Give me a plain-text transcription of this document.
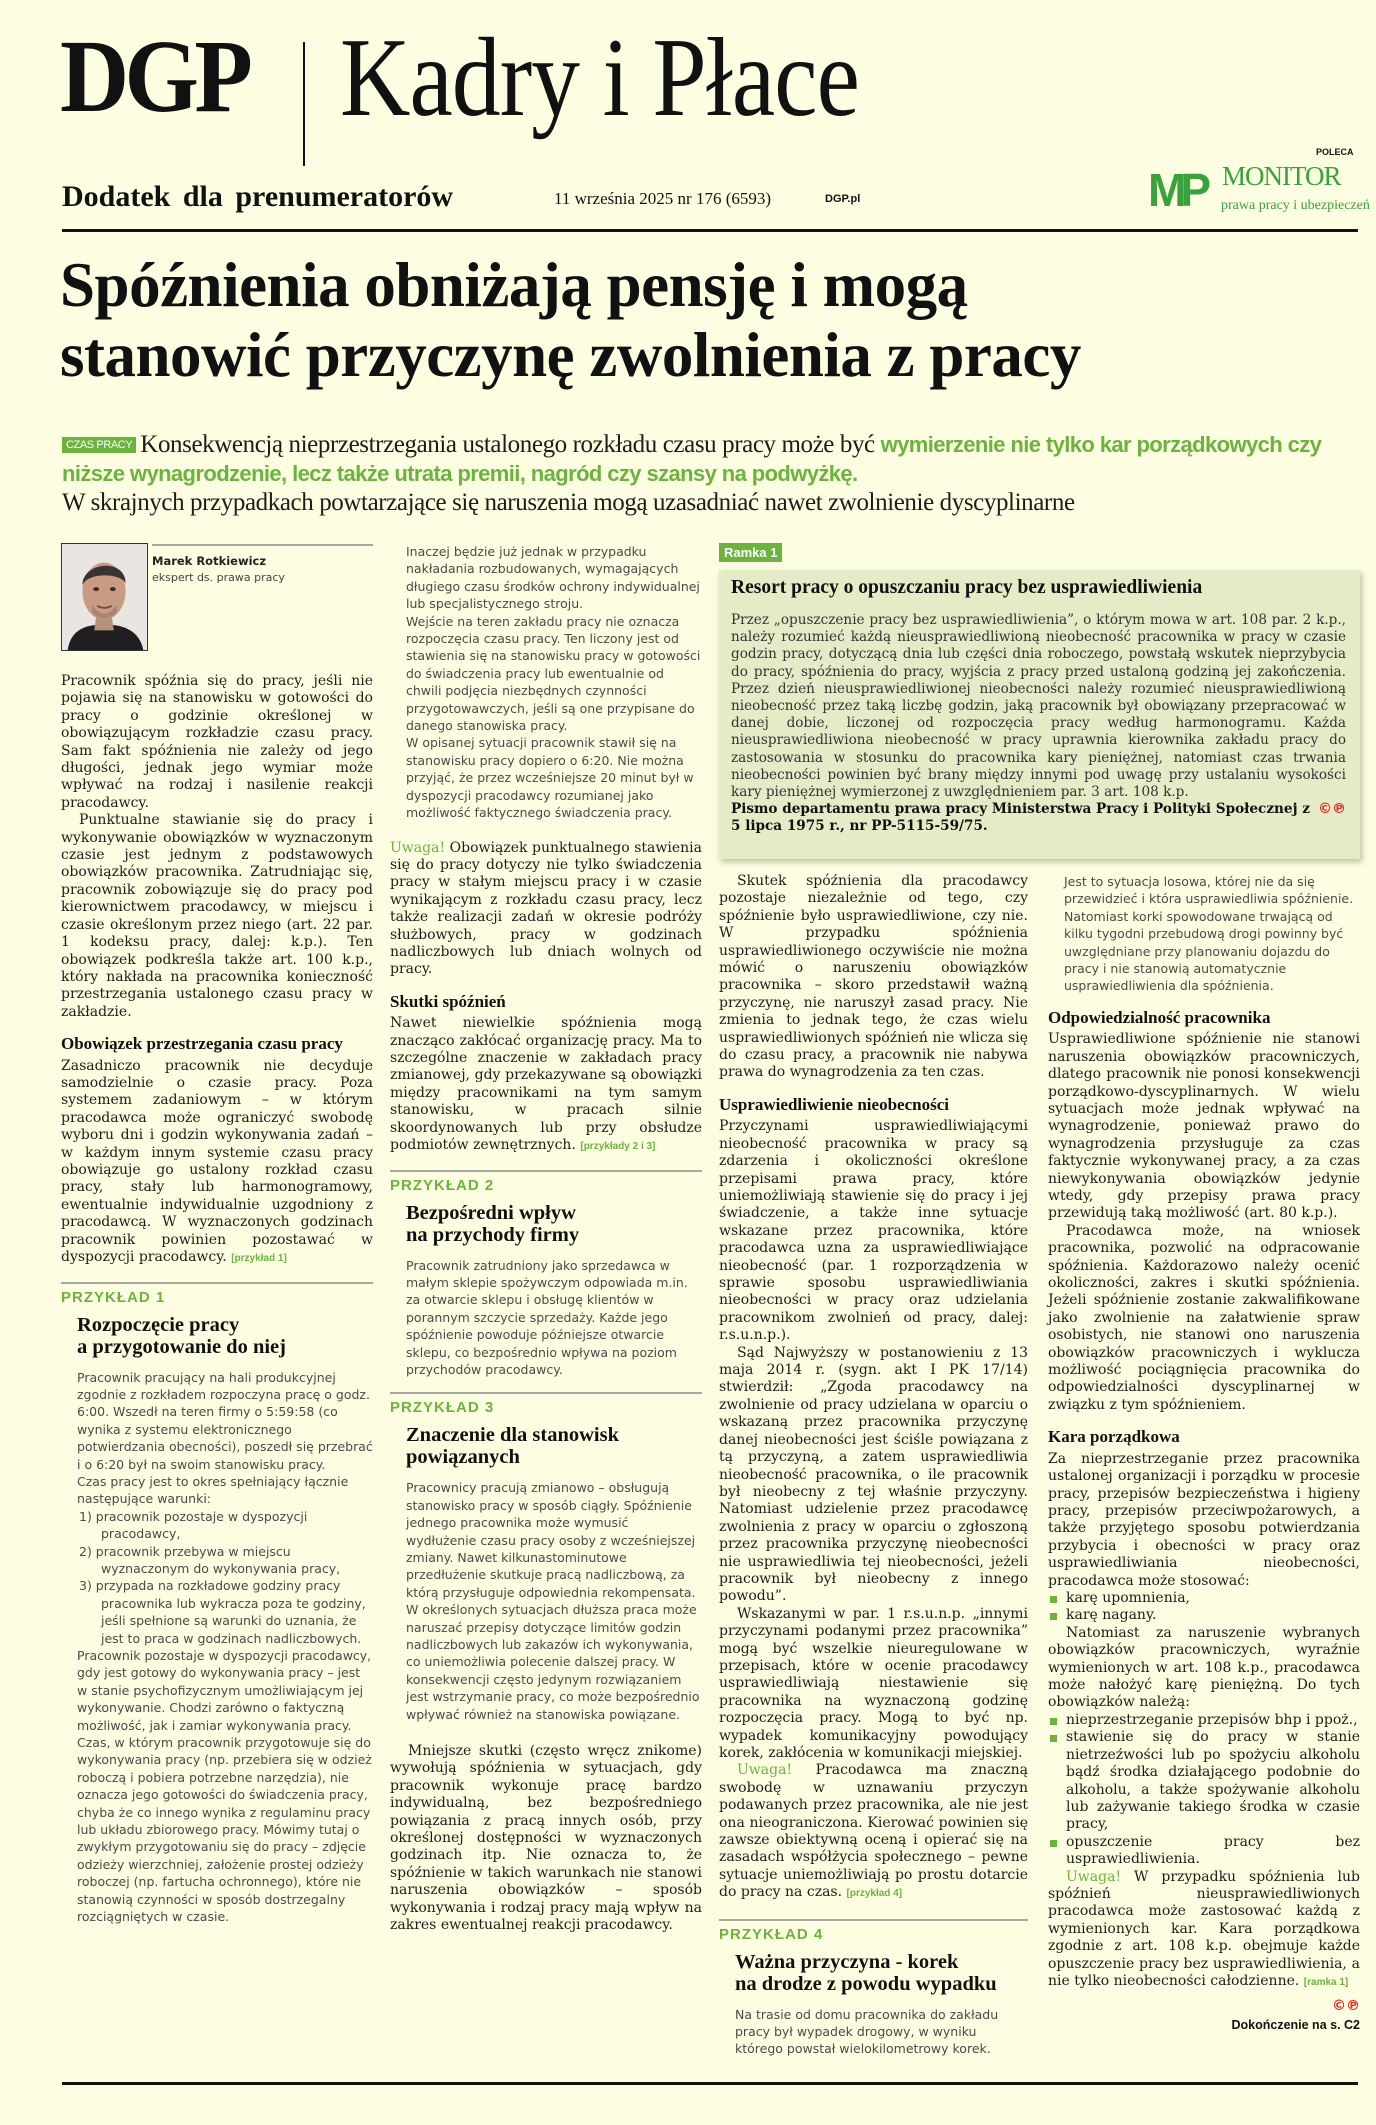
DGP Kadry i Płace
Dodatek dla prenumeratorów	11 września 2025 nr 176 (6593)	DGP.pl
POLECA
MP MONITOR
prawa pracy i ubezpieczeń
Spóźnienia obniżają pensję i mogą
stanowić przyczynę zwolnienia z pracy
CZAS PRACY Konsekwencją nieprzestrzegania ustalonego rozkładu czasu pracy może być wymierzenie nie tylko kar porządkowych czy niższe wynagrodzenie, lecz także utrata premii, nagród czy szansy na podwyżkę.
W skrajnych przypadkach powtarzające się naruszenia mogą uzasadniać nawet zwolnienie dyscyplinarne
Marek Rotkiewicz
ekspert ds. prawa pracy

Pracownik spóźnia się do pracy, jeśli nie pojawia się na stanowisku w gotowości do pracy o godzinie określonej w obowiązującym rozkładzie czasu pracy. Sam fakt spóźnienia nie zależy od jego długości, jednak jego wymiar może wpływać na rodzaj i nasilenie reakcji pracodawcy.

Punktualne stawianie się do pracy i wykonywanie obowiązków w wyznaczonym czasie jest jednym z podstawowych obowiązków pracownika. Zatrudniając się, pracownik zobowiązuje się do pracy pod kierownictwem pracodawcy, w miejscu i czasie określonym przez niego (art. 22 par. 1 kodeksu pracy, dalej: k.p.). Ten obowiązek podkreśla także art. 100 k.p., który nakłada na pracownika konieczność przestrzegania ustalonego czasu pracy w zakładzie.

Obowiązek przestrzegania czasu pracy

Zasadniczo pracownik nie decyduje samodzielnie o czasie pracy. Poza systemem zadaniowym – w którym pracodawca może ograniczyć swobodę wyboru dni i godzin wykonywania zadań – w każdym innym systemie czasu pracy obowiązuje go ustalony rozkład czasu pracy, stały lub harmonogramowy, ewentualnie indywidualnie uzgodniony z pracodawcą. W wyznaczonych godzinach pracownik powinien pozostawać w dyspozycji pracodawcy. [przykład 1]

PRZYKŁAD 1
Rozpoczęcie pracy
a przygotowanie do niej

Pracownik pracujący na hali produkcyjnej zgodnie z rozkładem rozpoczyna pracę o godz. 6:00. Wszedł na teren firmy o 5:59:58 (co wynika z systemu elektronicznego potwierdzania obecności), poszedł się przebrać i o 6:20 był na swoim stanowisku pracy.

Czas pracy jest to okres spełniający łącznie następujące warunki:

1) pracownik pozostaje w dyspozycji pracodawcy,

2) pracownik przebywa w miejscu wyznaczonym do wykonywania pracy,

3) przypada na rozkładowe godziny pracy pracownika lub wykracza poza te godziny, jeśli spełnione są warunki do uznania, że jest to praca w godzinach nadliczbowych.

Pracownik pozostaje w dyspozycji pracodawcy, gdy jest gotowy do wykonywania pracy – jest w stanie psychofizycznym umożliwiającym jej wykonywanie. Chodzi zarówno o faktyczną możliwość, jak i zamiar wykonywania pracy.

Czas, w którym pracownik przygotowuje się do wykonywania pracy (np. przebiera się w odzież roboczą i pobiera potrzebne narzędzia), nie oznacza jego gotowości do świadczenia pracy, chyba że co innego wynika z regulaminu pracy lub układu zbiorowego pracy. Mówimy tutaj o zwykłym przygotowaniu się do pracy – zdjęcie odzieży wierzchniej, założenie prostej odzieży roboczej (np. fartucha ochronnego), które nie stanowią czynności w sposób dostrzegalny rozciągniętych w czasie.

Inaczej będzie już jednak w przypadku nakładania rozbudowanych, wymagających długiego czasu środków ochrony indywidualnej lub specjalistycznego stroju.

Wejście na teren zakładu pracy nie oznacza rozpoczęcia czasu pracy. Ten liczony jest od stawienia się na stanowisku pracy w gotowości do świadczenia pracy lub ewentualnie od chwili podjęcia niezbędnych czynności przygotowawczych, jeśli są one przypisane do danego stanowiska pracy.

W opisanej sytuacji pracownik stawił się na stanowisku pracy dopiero o 6:20. Nie można przyjąć, że przez wcześniejsze 20 minut był w dyspozycji pracodawcy rozumianej jako możliwość faktycznego świadczenia pracy.

Uwaga! Obowiązek punktualnego stawienia się do pracy dotyczy nie tylko świadczenia pracy w stałym miejscu pracy i w czasie wynikającym z rozkładu czasu pracy, lecz także realizacji zadań w okresie podróży służbowych, pracy w godzinach nadliczbowych lub dniach wolnych od pracy.

Skutki spóźnień

Nawet niewielkie spóźnienia mogą znacząco zakłócać organizację pracy. Ma to szczególne znaczenie w zakładach pracy zmianowej, gdy przekazywane są obowiązki między pracownikami na tym samym stanowisku, w pracach silnie skoordynowanych lub przy obsłudze podmiotów zewnętrznych. [przykłady 2 i 3]

PRZYKŁAD 2
Bezpośredni wpływ
na przychody firmy

Pracownik zatrudniony jako sprzedawca w małym sklepie spożywczym odpowiada m.in. za otwarcie sklepu i obsługę klientów w porannym szczycie sprzedaży. Każde jego spóźnienie powoduje późniejsze otwarcie sklepu, co bezpośrednio wpływa na poziom przychodów pracodawcy.

PRZYKŁAD 3
Znaczenie dla stanowisk
powiązanych

Pracownicy pracują zmianowo – obsługują stanowisko pracy w sposób ciągły. Spóźnienie jednego pracownika może wymusić wydłużenie czasu pracy osoby z wcześniejszej zmiany. Nawet kilkunastominutowe przedłużenie skutkuje pracą nadliczbową, za którą przysługuje odpowiednia rekompensata. W określonych sytuacjach dłuższa praca może naruszać przepisy dotyczące limitów godzin nadliczbowych lub zakazów ich wykonywania, co uniemożliwia polecenie dalszej pracy. W konsekwencji często jedynym rozwiązaniem jest wstrzymanie pracy, co może bezpośrednio wpływać również na stanowiska powiązane.

Mniejsze skutki (często wręcz znikome) wywołują spóźnienia w sytuacjach, gdy pracownik wykonuje pracę bardzo indywidualną, bez bezpośredniego powiązania z pracą innych osób, przy określonej dostępności w wyznaczonych godzinach itp. Nie oznacza to, że spóźnienie w takich warunkach nie stanowi naruszenia obowiązków – sposób wykonywania i rodzaj pracy mają wpływ na zakres ewentualnej reakcji pracodawcy.

Ramka 1
Resort pracy o opuszczaniu pracy bez usprawiedliwienia

Przez „opuszczenie pracy bez usprawiedliwienia”, o którym mowa w art. 108 par. 2 k.p., należy rozumieć każdą nieusprawiedliwioną nieobecność pracownika w pracy w czasie godzin pracy, dotyczącą dnia lub części dnia roboczego, powstałą wskutek nieprzybycia do pracy, spóźnienia do pracy, wyjścia z pracy przed ustaloną godziną jej zakończenia. Przez dzień nieusprawiedliwionej nieobecności należy rozumieć nieusprawiedliwioną nieobecność przez taką liczbę godzin, jaką pracownik był obowiązany przepracować w danej dobie, liczonej od rozpoczęcia pracy według harmonogramu. Każda nieusprawiedliwiona nieobecność w pracy uprawnia kierownika zakładu pracy do zastosowania w stosunku do pracownika kary pieniężnej, natomiast czas trwania nieobecności powinien być brany między innymi pod uwagę przy ustalaniu wysokości kary pieniężnej wymierzonej z uwzględnieniem par. 3 art. 108 k.p.

©℗
Pismo departamentu prawa pracy Ministerstwa Pracy i Polityki Społecznej z 5 lipca 1975 r., nr PP-5115-59/75.

Skutek spóźnienia dla pracodawcy pozostaje niezależnie od tego, czy spóźnienie było usprawiedliwione, czy nie. W przypadku spóźnienia usprawiedliwionego oczywiście nie można mówić o naruszeniu obowiązków pracownika – skoro przedstawił ważną przyczynę, nie naruszył zasad pracy. Nie zmienia to jednak tego, że czas wielu usprawiedliwionych spóźnień nie wlicza się do czasu pracy, a pracownik nie nabywa prawa do wynagrodzenia za ten czas.

Usprawiedliwienie nieobecności

Przyczynami usprawiedliwiającymi nieobecność pracownika w pracy są zdarzenia i okoliczności określone przepisami prawa pracy, które uniemożliwiają stawienie się do pracy i jej świadczenie, a także inne sytuacje wskazane przez pracownika, które pracodawca uzna za usprawiedliwiające nieobecność (par. 1 rozporządzenia w sprawie sposobu usprawiedliwiania nieobecności w pracy oraz udzielania pracownikom zwolnień od pracy, dalej: r.s.u.n.p.).

Sąd Najwyższy w postanowieniu z 13 maja 2014 r. (sygn. akt I PK 17/14) stwierdził: „Zgoda pracodawcy na zwolnienie od pracy udzielana w oparciu o wskazaną przez pracownika przyczynę danej nieobecności jest ściśle powiązana z tą przyczyną, a zatem usprawiedliwia nieobecność pracownika, o ile pracownik był nieobecny z tej właśnie przyczyny. Natomiast udzielenie przez pracodawcę zwolnienia z pracy w oparciu o zgłoszoną przez pracownika przyczynę nieobecności nie usprawiedliwia tej nieobecności, jeżeli pracownik był nieobecny z innego powodu”.

Wskazanymi w par. 1 r.s.u.n.p. „innymi przyczynami podanymi przez pracownika” mogą być wszelkie nieuregulowane w przepisach, które w ocenie pracodawcy usprawiedliwiają niestawienie się pracownika na wyznaczoną godzinę rozpoczęcia pracy. Mogą to być np. wypadek komunikacyjny powodujący korek, zakłócenia w komunikacji miejskiej.

Uwaga! Pracodawca ma znaczną swobodę w uznawaniu przyczyn podawanych przez pracownika, ale nie jest ona nieograniczona. Kierować powinien się zawsze obiektywną oceną i opierać się na zasadach współżycia społecznego – pewne sytuacje uniemożliwiają po prostu dotarcie do pracy na czas. [przykład 4]

PRZYKŁAD 4
Ważna przyczyna - korek
na drodze z powodu wypadku

Na trasie od domu pracownika do zakładu pracy był wypadek drogowy, w wyniku którego powstał wielokilometrowy korek.

Jest to sytuacja losowa, której nie da się przewidzieć i która usprawiedliwia spóźnienie. Natomiast korki spowodowane trwającą od kilku tygodni przebudową drogi powinny być uwzględniane przy planowaniu dojazdu do pracy i nie stanowią automatycznie usprawiedliwienia dla spóźnienia.

Odpowiedzialność pracownika

Usprawiedliwione spóźnienie nie stanowi naruszenia obowiązków pracowniczych, dlatego pracownik nie ponosi konsekwencji porządkowo-dyscyplinarnych. W wielu sytuacjach może jednak wpływać na wynagrodzenie, ponieważ prawo do wynagrodzenia przysługuje za czas faktycznie wykonywanej pracy, a za czas niewykonywania obowiązków jedynie wtedy, gdy przepisy prawa pracy przewidują taką możliwość (art. 80 k.p.).

Pracodawca może, na wniosek pracownika, pozwolić na odpracowanie spóźnienia. Każdorazowo należy ocenić okoliczności, zakres i skutki spóźnienia. Jeżeli spóźnienie zostanie zakwalifikowane jako zwolnienie na załatwienie spraw osobistych, nie stanowi ono naruszenia obowiązków pracowniczych i wyklucza możliwość pociągnięcia pracownika do odpowiedzialności dyscyplinarnej w związku z tym spóźnieniem.

Kara porządkowa

Za nieprzestrzeganie przez pracownika ustalonej organizacji i porządku w procesie pracy, przepisów bezpieczeństwa i higieny pracy, przepisów przeciwpożarowych, a także przyjętego sposobu potwierdzania przybycia i obecności w pracy oraz usprawiedliwiania nieobecności, pracodawca może stosować:

karę upomnienia,

karę nagany.

Natomiast za naruszenie wybranych obowiązków pracowniczych, wyraźnie wymienionych w art. 108 k.p., pracodawca może nałożyć karę pieniężną. Do tych obowiązków należą:

nieprzestrzeganie przepisów bhp i ppoż.,

stawienie się do pracy w stanie nietrzeźwości lub po spożyciu alkoholu bądź środka działającego podobnie do alkoholu, a także spożywanie alkoholu lub zażywanie takiego środka w czasie pracy,

opuszczenie pracy bez usprawiedliwienia.

Uwaga! W przypadku spóźnienia lub spóźnień nieusprawiedliwionych pracodawca może zastosować każdą z wymienionych kar. Kara porządkowa zgodnie z art. 108 k.p. obejmuje każde opuszczenie pracy bez usprawiedliwienia, a nie tylko nieobecności całodzienne. [ramka 1]

©℗
Dokończenie na s. C2
